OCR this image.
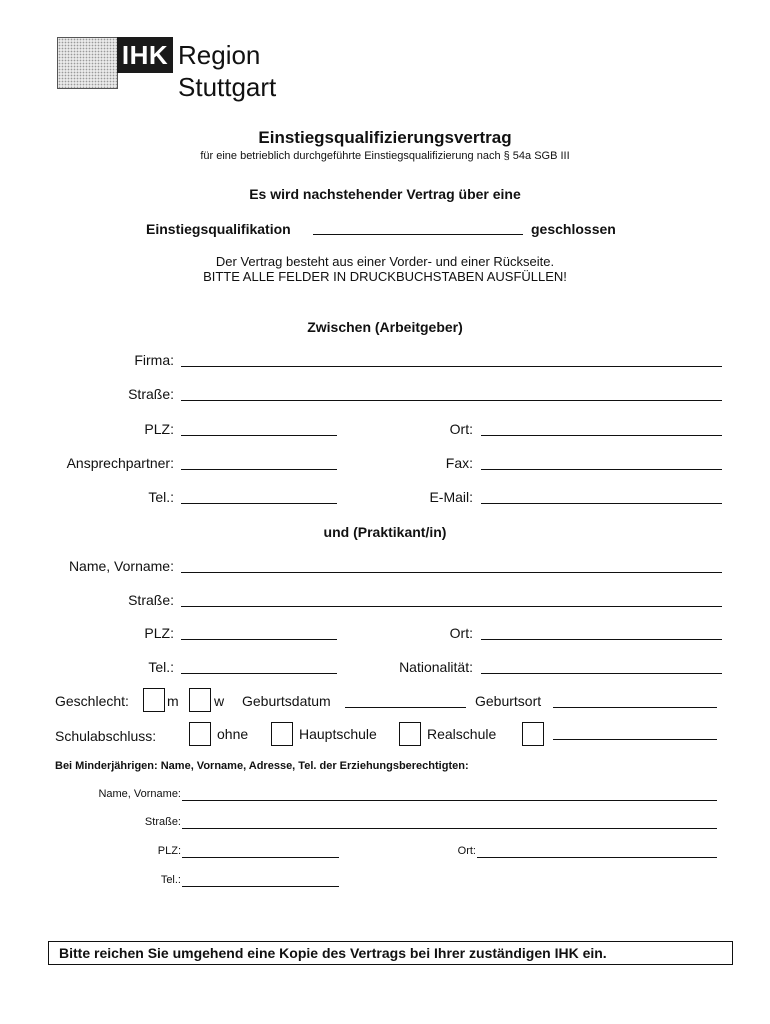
IHK Region Stuttgart
Einstiegsqualifizierungsvertrag
für eine betrieblich durchgeführte Einstiegsqualifizierung nach § 54a SGB III
Es wird nachstehender Vertrag über eine
Einstiegsqualifikation	geschlossen
Der Vertrag besteht aus einer Vorder- und einer Rückseite.
BITTE ALLE FELDER IN DRUCKBUCHSTABEN AUSFÜLLEN!
Zwischen (Arbeitgeber)
Firma:
Straße:
PLZ:	Ort:
Ansprechpartner:	Fax:
Tel.:	E-Mail:
und (Praktikant/in)
Name, Vorname:
Straße:
PLZ:	Ort:
Tel.:	Nationalität:
Geschlecht:	m	w Geburtsdatum	Geburtsort
Schulabschluss:	ohne	Hauptschule	Realschule
Bei Minderjährigen: Name, Vorname, Adresse, Tel. der Erziehungsberechtigten:
Name, Vorname:
Straße:
PLZ:	Ort:
Tel.:
Bitte reichen Sie umgehend eine Kopie des Vertrags bei Ihrer zuständigen IHK ein.
